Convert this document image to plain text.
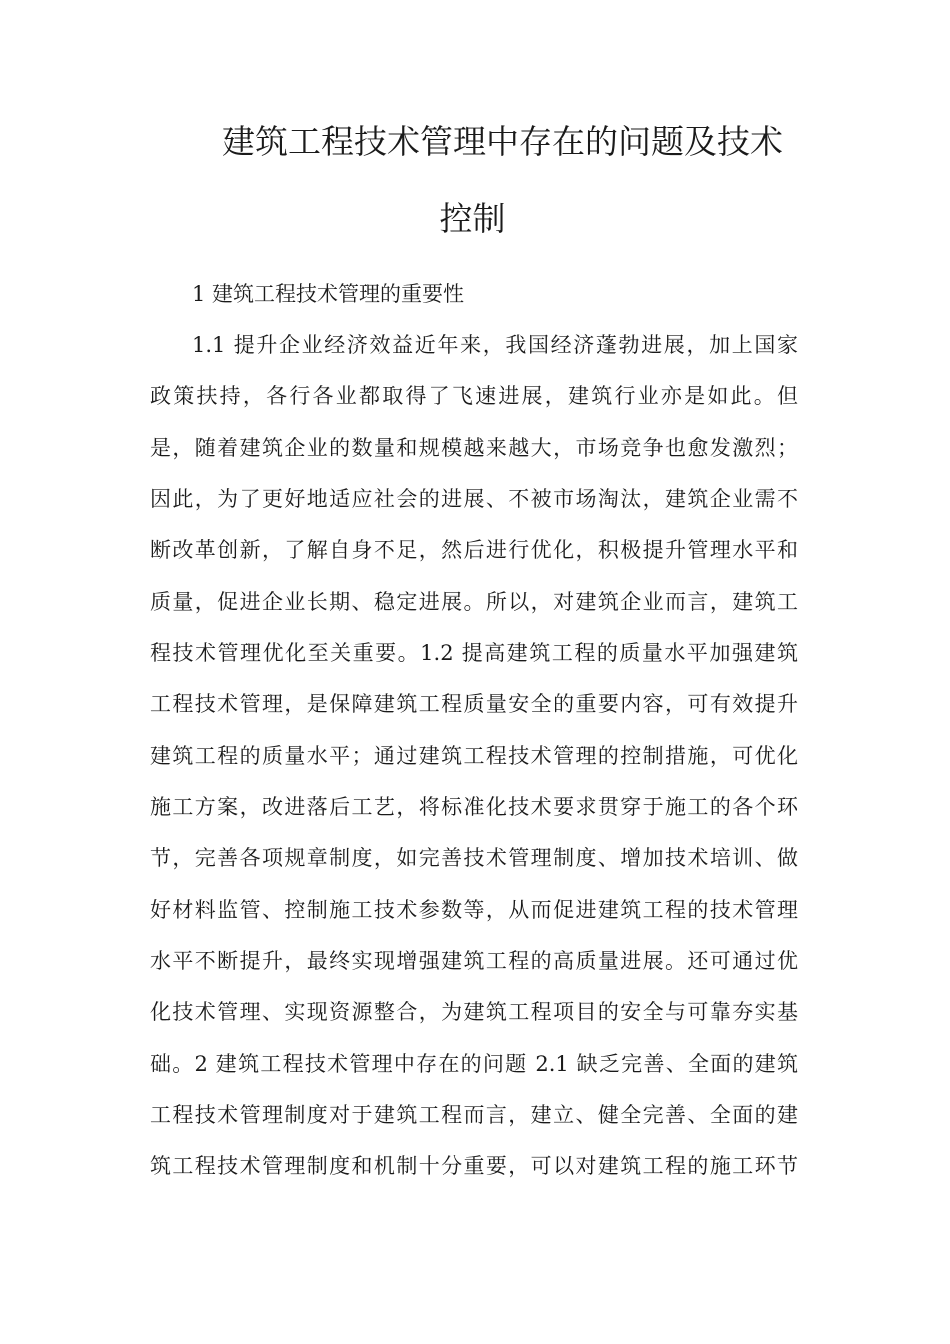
建筑工程技术管理中存在的问题及技术
控制
1 建筑工程技术管理的重要性
1.1 提升企业经济效益近年来，我国经济蓬勃进展，加上国家
政策扶持，各行各业都取得了飞速进展，建筑行业亦是如此。但
是，随着建筑企业的数量和规模越来越大，市场竞争也愈发激烈；
因此，为了更好地适应社会的进展、不被市场淘汰，建筑企业需不
断改革创新，了解自身不足，然后进行优化，积极提升管理水平和
质量，促进企业长期、稳定进展。所以，对建筑企业而言，建筑工
程技术管理优化至关重要。1.2 提高建筑工程的质量水平加强建筑
工程技术管理，是保障建筑工程质量安全的重要内容，可有效提升
建筑工程的质量水平；通过建筑工程技术管理的控制措施，可优化
施工方案，改进落后工艺，将标准化技术要求贯穿于施工的各个环
节，完善各项规章制度，如完善技术管理制度、增加技术培训、做
好材料监管、控制施工技术参数等，从而促进建筑工程的技术管理
水平不断提升，最终实现增强建筑工程的高质量进展。还可通过优
化技术管理、实现资源整合，为建筑工程项目的安全与可靠夯实基
础。2 建筑工程技术管理中存在的问题 2.1 缺乏完善、全面的建筑
工程技术管理制度对于建筑工程而言，建立、健全完善、全面的建
筑工程技术管理制度和机制十分重要，可以对建筑工程的施工环节
